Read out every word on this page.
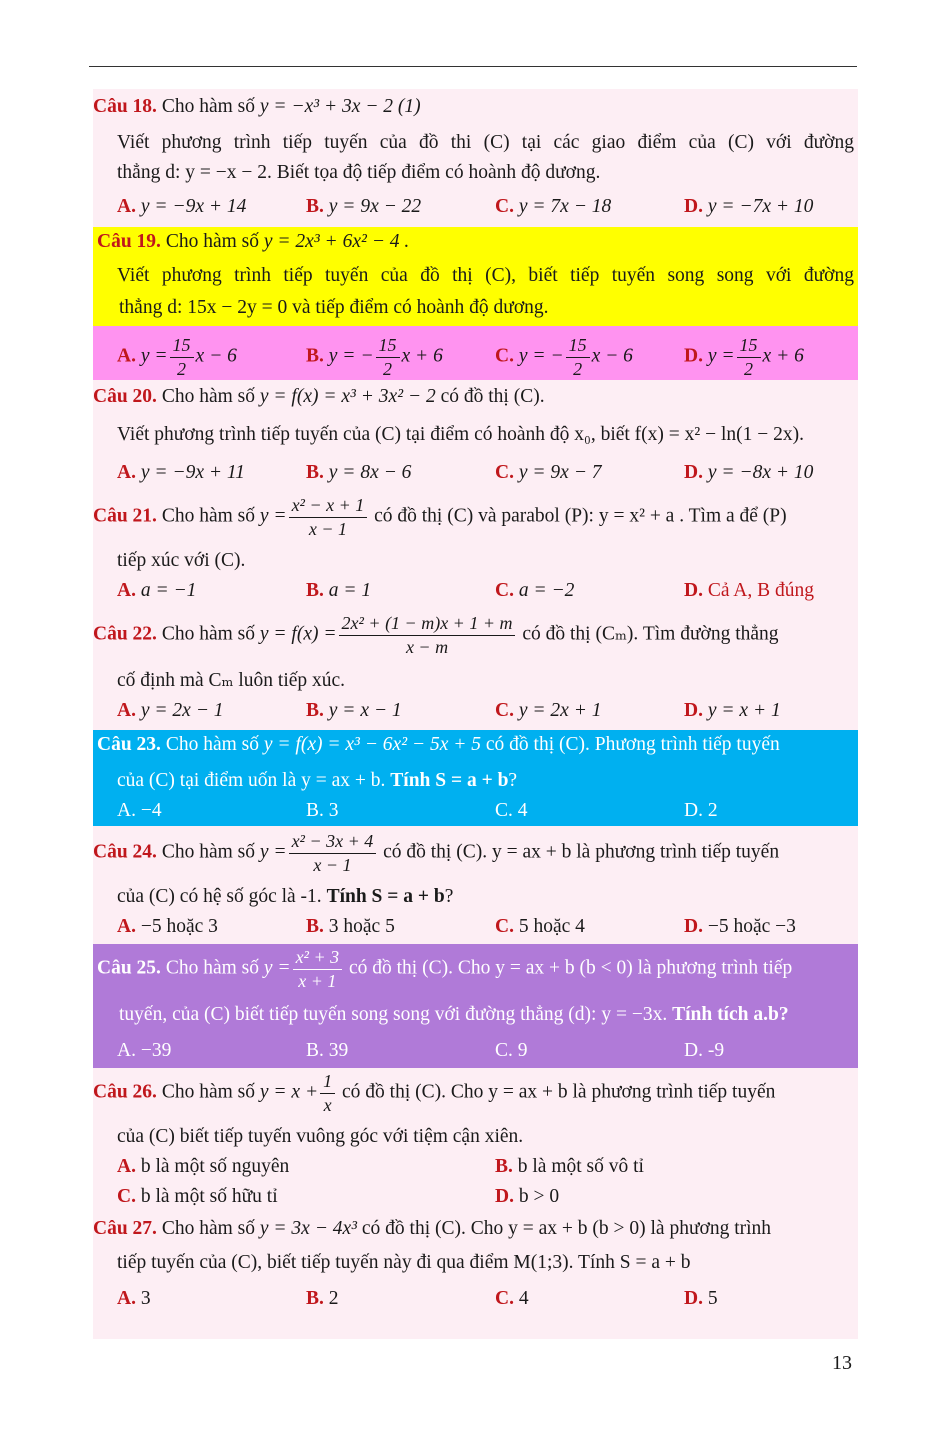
Câu 18. Cho hàm số y = −x³ + 3x − 2 (1)
Viết phương trình tiếp tuyến của đồ thi (C) tại các giao điểm của (C) với đường
thẳng d: y = −x − 2. Biết tọa độ tiếp điểm có hoành độ dương.
A. y = −9x + 14	B. y = 9x − 22	C. y = 7x − 18	D. y = −7x + 10
Câu 19. Cho hàm số y = 2x³ + 6x² − 4 .
Viết phương trình tiếp tuyến của đồ thị (C), biết tiếp tuyến song song với đường
thẳng d: 15x − 2y = 0 và tiếp điểm có hoành độ dương.
A. $y = \frac{15}{2}$ x − 6	B. y = − $\frac{15}{2}$ x + 6	C. y = − $\frac{15}{2}$ x − 6	D. $y = \frac{15}{2}$ x + 6
Câu 20. Cho hàm số y = f(x) = x³ + 3x² − 2 có đồ thị (C).
Viết phương trình tiếp tuyến của (C) tại điểm có hoành độ x₀, biết f(x) = x² − ln(1 − 2x).
A. y = −9x + 11	B. y = 8x − 6	C. y = 9x − 7	D. y = −8x + 10
Câu 21. Cho hàm số $y = \frac{\text{x² − x + 1}}{x - 1}$ có đồ thị (C) và parabol (P): y = x² + a . Tìm a để (P)
tiếp xúc với (C).
A. a = −1	B. a = 1	C. a = −2	D. Cả A, B đúng
Câu 22. Cho hàm số $y = f(x) = \frac{\text{2x² + (1 − m)x + 1 + m}}{x - m}$ có đồ thị (Cₘ). Tìm đường thẳng
cố định mà Cₘ luôn tiếp xúc.
A. y = 2x − 1	B. y = x − 1	C. y = 2x + 1	D. y = x + 1
Câu 23. Cho hàm số y = f(x) = x³ − 6x² − 5x + 5 có đồ thị (C). Phương trình tiếp tuyến
của (C) tại điểm uốn là y = ax + b. Tính S = a + b?
A. −4	B. 3	C. 4	D. 2
Câu 24. Cho hàm số $y = \frac{\text{x² − 3x + 4}}{x - 1}$ có đồ thị (C). y = ax + b là phương trình tiếp tuyến
của (C) có hệ số góc là -1. Tính S = a + b?
A. −5 hoặc 3	B. 3 hoặc 5	C. 5 hoặc 4	D. −5 hoặc −3
Câu 25. Cho hàm số $y = \frac{\text{x² + 3}}{x + 1}$ có đồ thị (C). Cho y = ax + b (b < 0) là phương trình tiếp
tuyến, của (C) biết tiếp tuyến song song với đường thẳng (d): y = −3x. Tính tích a.b?
A. −39	B. 39	C. 9	D. -9
Câu 26. Cho hàm số $y = x + \frac{1}{x}$ có đồ thị (C). Cho y = ax + b là phương trình tiếp tuyến
của (C) biết tiếp tuyến vuông góc với tiệm cận xiên.
A. b là một số nguyên	B. b là một số vô tỉ
C. b là một số hữu tỉ	D. b > 0
Câu 27. Cho hàm số y = 3x − 4x³ có đồ thị (C). Cho y = ax + b (b > 0) là phương trình
tiếp tuyến của (C), biết tiếp tuyến này đi qua điểm M(1;3). Tính S = a + b
A. 3	B. 2	C. 4	D. 5
13
